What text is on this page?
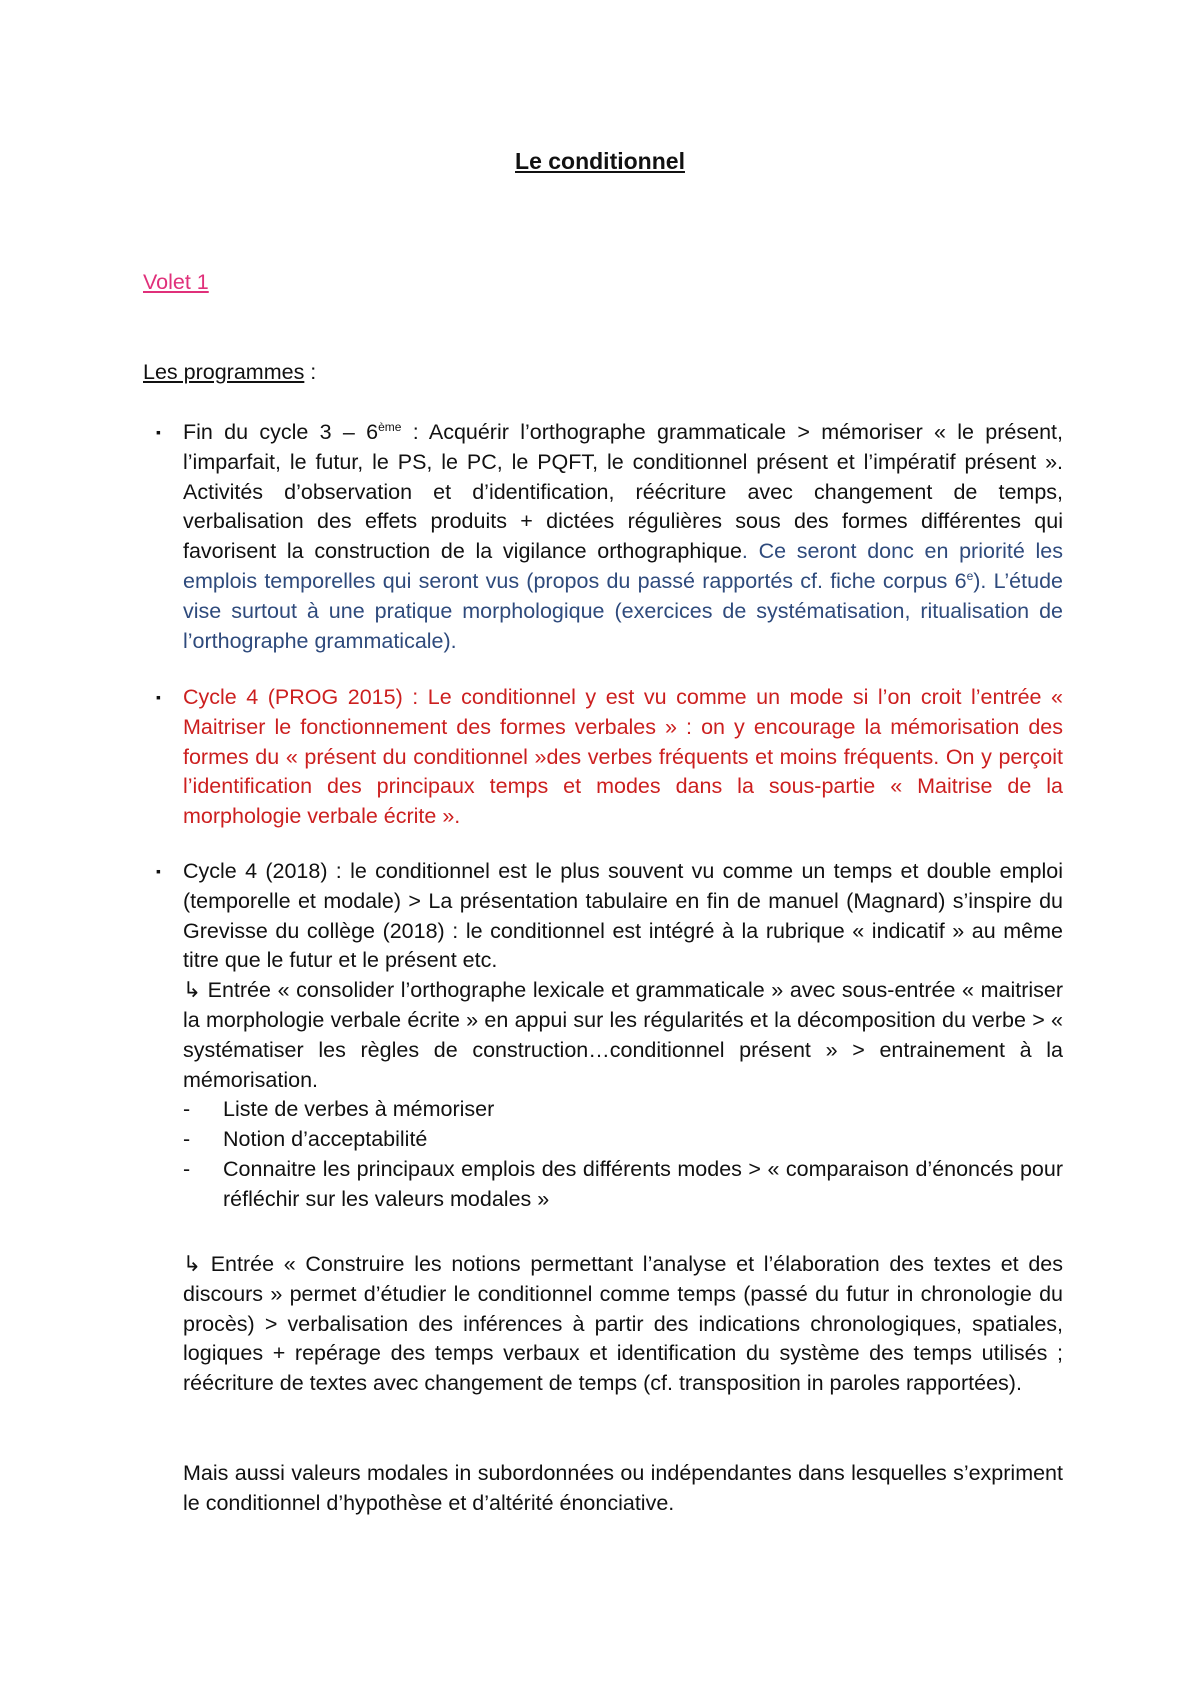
Le conditionnel
Volet 1
Les programmes :
▪ Fin du cycle 3 – 6ème : Acquérir l’orthographe grammaticale > mémoriser « le présent, l’imparfait, le futur, le PS, le PC, le PQFT, le conditionnel présent et l’impératif présent ». Activités d’observation et d’identification, réécriture avec changement de temps, verbalisation des effets produits + dictées régulières sous des formes différentes qui favorisent la construction de la vigilance orthographique. Ce seront donc en priorité les emplois temporelles qui seront vus (propos du passé rapportés cf. fiche corpus 6e). L’étude vise surtout à une pratique morphologique (exercices de systématisation, ritualisation de l’orthographe grammaticale).
▪ Cycle 4 (PROG 2015) : Le conditionnel y est vu comme un mode si l’on croit l’entrée « Maitriser le fonctionnement des formes verbales » : on y encourage la mémorisation des formes du « présent du conditionnel »des verbes fréquents et moins fréquents. On y perçoit l’identification des principaux temps et modes dans la sous-partie « Maitrise de la morphologie verbale écrite ».
▪ Cycle 4 (2018) : le conditionnel est le plus souvent vu comme un temps et double emploi (temporelle et modale) > La présentation tabulaire en fin de manuel (Magnard) s’inspire du Grevisse du collège (2018) : le conditionnel est intégré à la rubrique « indicatif » au même titre que le futur et le présent etc.
↳ Entrée « consolider l’orthographe lexicale et grammaticale » avec sous-entrée « maitriser la morphologie verbale écrite » en appui sur les régularités et la décomposition du verbe > « systématiser les règles de construction…conditionnel présent » > entrainement à la mémorisation.
- Liste de verbes à mémoriser
- Notion d’acceptabilité
- Connaitre les principaux emplois des différents modes > « comparaison d’énoncés pour réfléchir sur les valeurs modales »
↳ Entrée « Construire les notions permettant l’analyse et l’élaboration des textes et des discours » permet d’étudier le conditionnel comme temps (passé du futur in chronologie du procès) > verbalisation des inférences à partir des indications chronologiques, spatiales, logiques + repérage des temps verbaux et identification du système des temps utilisés ; réécriture de textes avec changement de temps (cf. transposition in paroles rapportées).
Mais aussi valeurs modales in subordonnées ou indépendantes dans lesquelles s’expriment le conditionnel d’hypothèse et d’altérité énonciative.
